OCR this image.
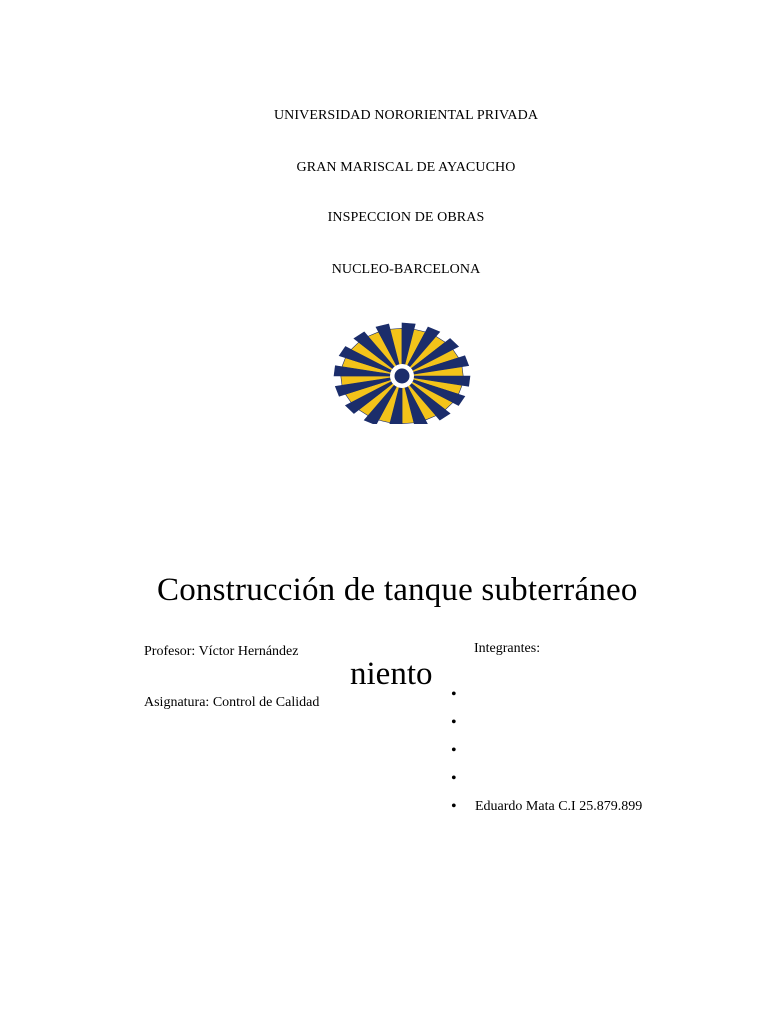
UNIVERSIDAD NORORIENTAL PRIVADA
GRAN MARISCAL DE AYACUCHO
INSPECCION DE OBRAS
NUCLEO-BARCELONA
Construcción de tanque subterráneo
niento
Profesor: Víctor Hernández
Asignatura: Control de Calidad
Integrantes:
•
•
•
•
• Eduardo Mata C.I 25.879.899
